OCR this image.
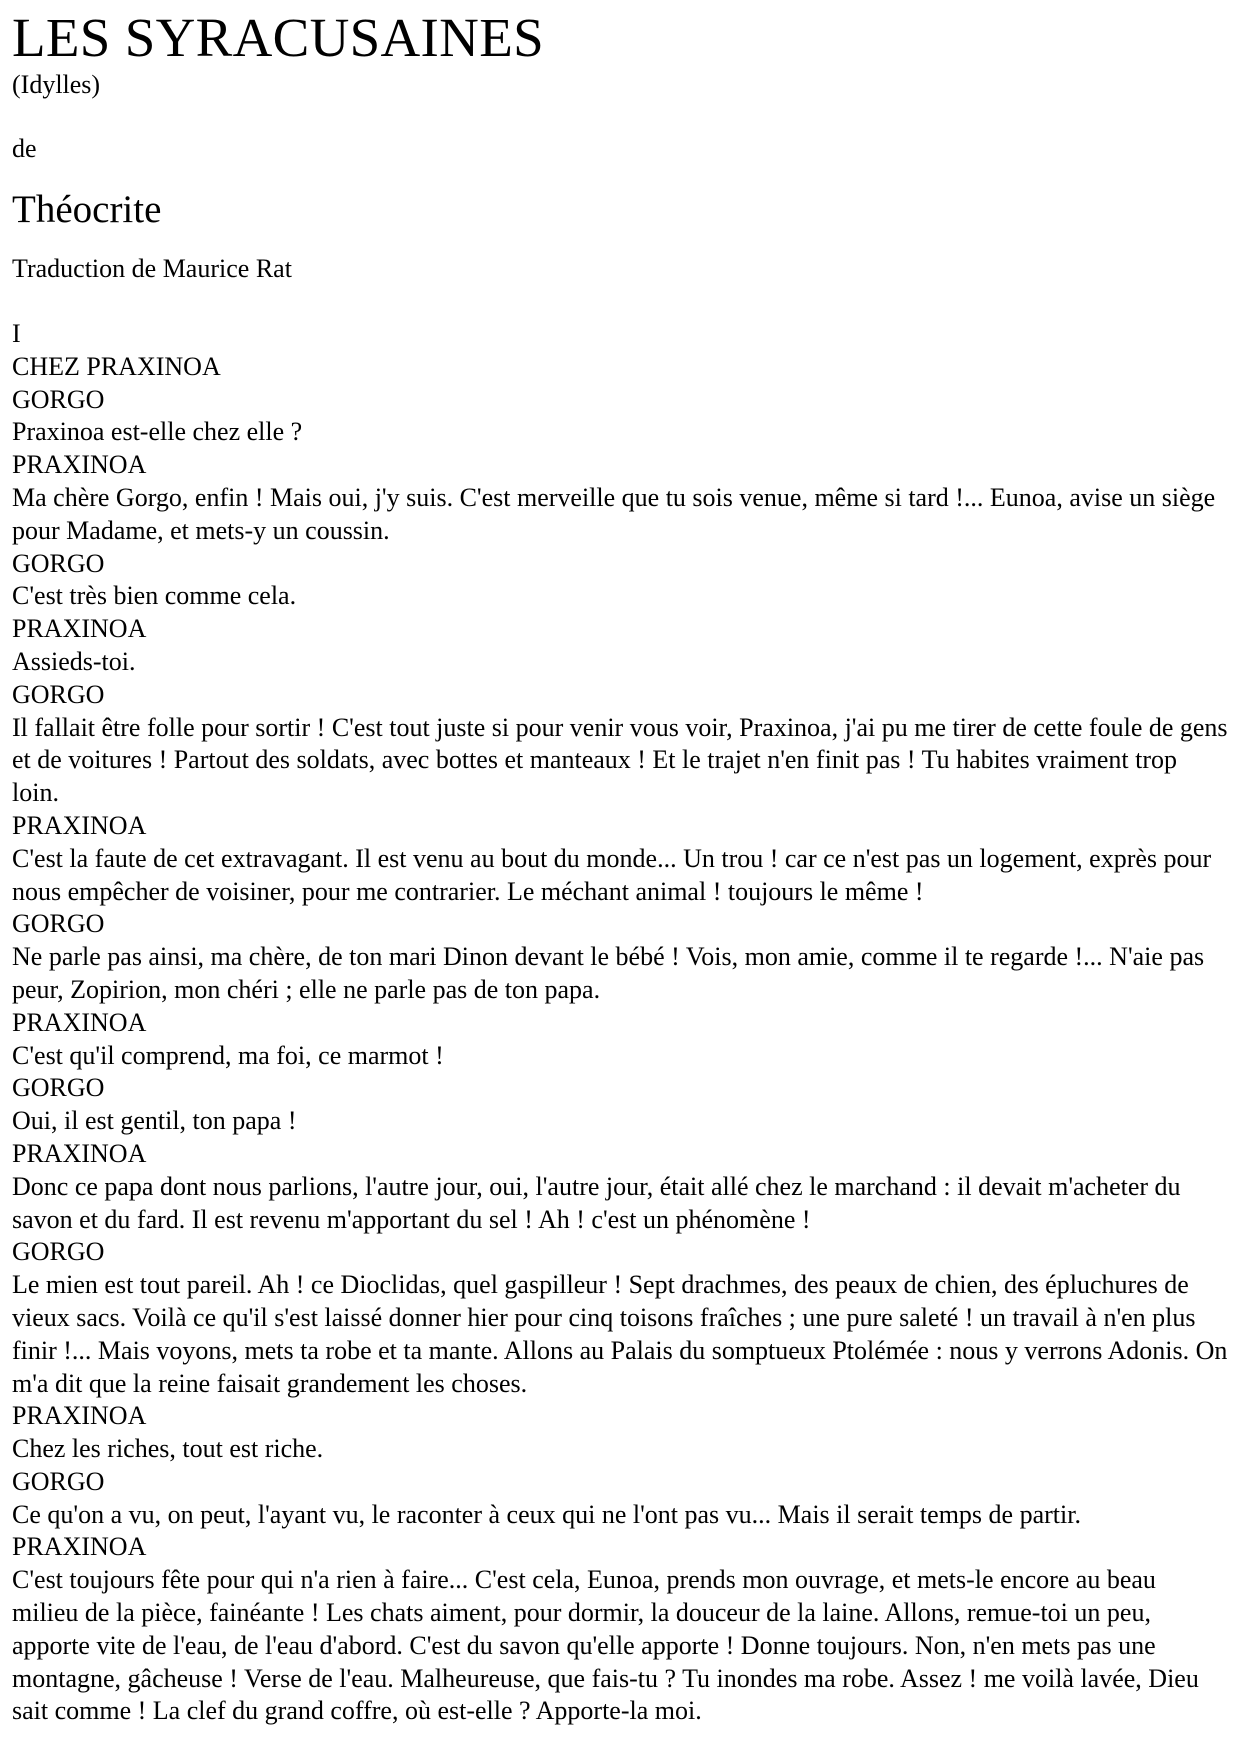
LES SYRACUSAINES
(Idylles)
de
Théocrite
Traduction de Maurice Rat
I
CHEZ PRAXINOA
GORGO
Praxinoa est-elle chez elle ?
PRAXINOA
Ma chère Gorgo, enfin ! Mais oui, j'y suis. C'est merveille que tu sois venue, même si tard !... Eunoa, avise un siège pour Madame, et mets-y un coussin.
GORGO
C'est très bien comme cela.
PRAXINOA
Assieds-toi.
GORGO
Il fallait être folle pour sortir ! C'est tout juste si pour venir vous voir, Praxinoa, j'ai pu me tirer de cette foule de gens et de voitures ! Partout des soldats, avec bottes et manteaux ! Et le trajet n'en finit pas ! Tu habites vraiment trop loin.
PRAXINOA
C'est la faute de cet extravagant. Il est venu au bout du monde... Un trou ! car ce n'est pas un logement, exprès pour nous empêcher de voisiner, pour me contrarier. Le méchant animal ! toujours le même !
GORGO
Ne parle pas ainsi, ma chère, de ton mari Dinon devant le bébé ! Vois, mon amie, comme il te regarde !... N'aie pas peur, Zopirion, mon chéri ; elle ne parle pas de ton papa.
PRAXINOA
C'est qu'il comprend, ma foi, ce marmot !
GORGO
Oui, il est gentil, ton papa !
PRAXINOA
Donc ce papa dont nous parlions, l'autre jour, oui, l'autre jour, était allé chez le marchand : il devait m'acheter du savon et du fard. Il est revenu m'apportant du sel ! Ah ! c'est un phénomène !
GORGO
Le mien est tout pareil. Ah ! ce Dioclidas, quel gaspilleur ! Sept drachmes, des peaux de chien, des épluchures de vieux sacs. Voilà ce qu'il s'est laissé donner hier pour cinq toisons fraîches ; une pure saleté ! un travail à n'en plus finir !... Mais voyons, mets ta robe et ta mante. Allons au Palais du somptueux Ptolémée : nous y verrons Adonis. On m'a dit que la reine faisait grandement les choses.
PRAXINOA
Chez les riches, tout est riche.
GORGO
Ce qu'on a vu, on peut, l'ayant vu, le raconter à ceux qui ne l'ont pas vu... Mais il serait temps de partir.
PRAXINOA
C'est toujours fête pour qui n'a rien à faire... C'est cela, Eunoa, prends mon ouvrage, et mets-le encore au beau milieu de la pièce, fainéante ! Les chats aiment, pour dormir, la douceur de la laine. Allons, remue-toi un peu, apporte vite de l'eau, de l'eau d'abord. C'est du savon qu'elle apporte ! Donne toujours. Non, n'en mets pas une montagne, gâcheuse ! Verse de l'eau. Malheureuse, que fais-tu ? Tu inondes ma robe. Assez ! me voilà lavée, Dieu sait comme ! La clef du grand coffre, où est-elle ? Apporte-la moi.
